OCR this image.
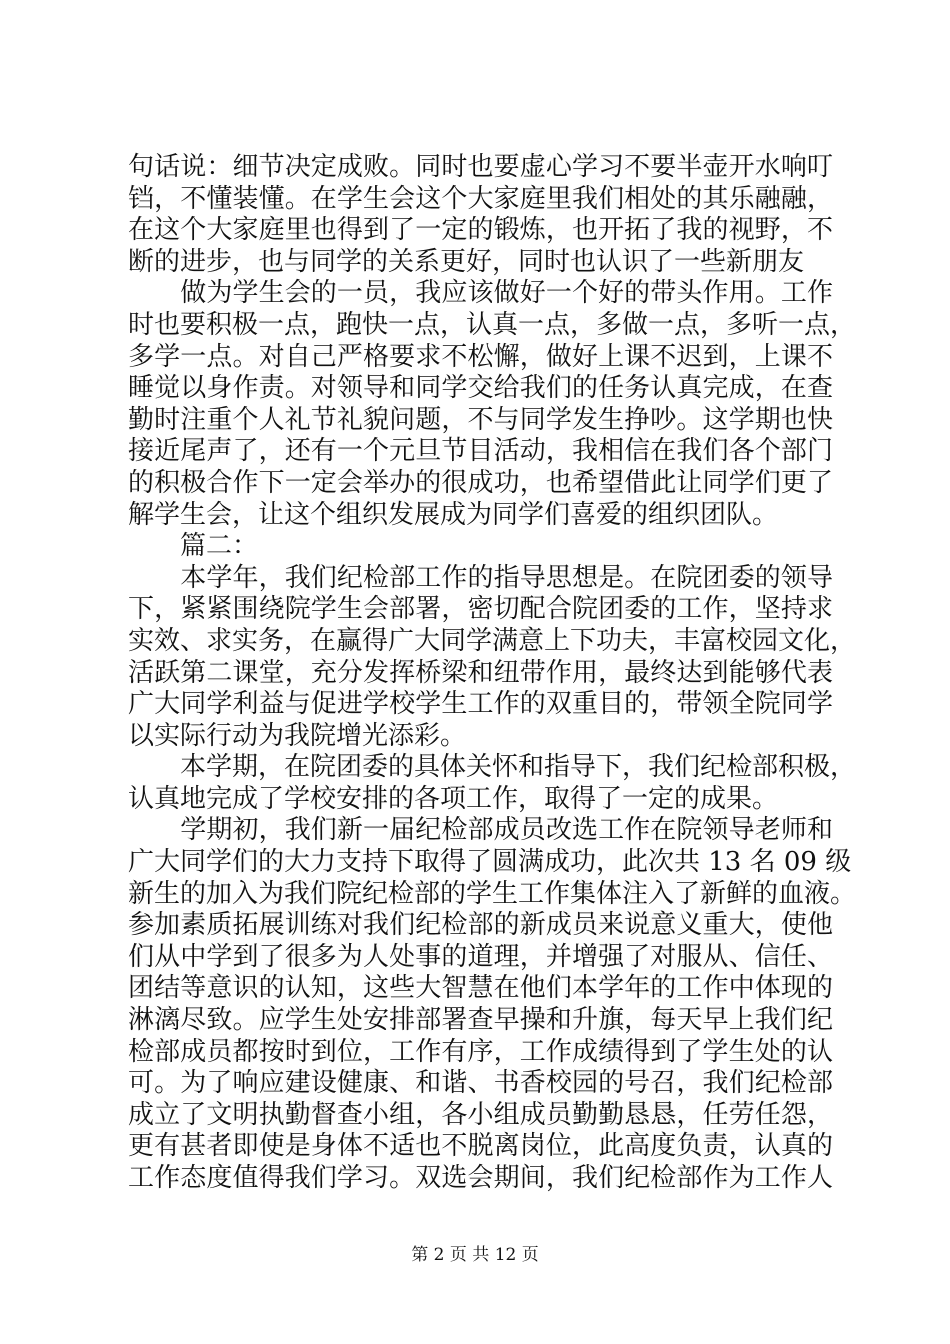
句话说：细节决定成败。同时也要虚心学习不要半壶开水响叮
铛，不懂装懂。在学生会这个大家庭里我们相处的其乐融融，
在这个大家庭里也得到了一定的锻炼，也开拓了我的视野，不
断的进步，也与同学的关系更好，同时也认识了一些新朋友
　　做为学生会的一员，我应该做好一个好的带头作用。工作
时也要积极一点，跑快一点，认真一点，多做一点，多听一点，
多学一点。对自己严格要求不松懈，做好上课不迟到，上课不
睡觉以身作责。对领导和同学交给我们的任务认真完成，在查
勤时注重个人礼节礼貌问题，不与同学发生挣吵。这学期也快
接近尾声了，还有一个元旦节目活动，我相信在我们各个部门
的积极合作下一定会举办的很成功，也希望借此让同学们更了
解学生会，让这个组织发展成为同学们喜爱的组织团队。
　　篇二：
　　本学年，我们纪检部工作的指导思想是。在院团委的领导
下，紧紧围绕院学生会部署，密切配合院团委的工作，坚持求
实效、求实务，在赢得广大同学满意上下功夫，丰富校园文化，
活跃第二课堂，充分发挥桥梁和纽带作用，最终达到能够代表
广大同学利益与促进学校学生工作的双重目的，带领全院同学
以实际行动为我院增光添彩。
　　本学期，在院团委的具体关怀和指导下，我们纪检部积极，
认真地完成了学校安排的各项工作，取得了一定的成果。
　　学期初，我们新一届纪检部成员改选工作在院领导老师和
广大同学们的大力支持下取得了圆满成功，此次共 13 名 09 级
新生的加入为我们院纪检部的学生工作集体注入了新鲜的血液。
参加素质拓展训练对我们纪检部的新成员来说意义重大，使他
们从中学到了很多为人处事的道理，并增强了对服从、信任、
团结等意识的认知，这些大智慧在他们本学年的工作中体现的
淋漓尽致。应学生处安排部署查早操和升旗，每天早上我们纪
检部成员都按时到位，工作有序，工作成绩得到了学生处的认
可。为了响应建设健康、和谐、书香校园的号召，我们纪检部
成立了文明执勤督查小组，各小组成员勤勤恳恳，任劳任怨，
更有甚者即使是身体不适也不脱离岗位，此高度负责，认真的
工作态度值得我们学习。双选会期间，我们纪检部作为工作人
第 2 页 共 12 页
